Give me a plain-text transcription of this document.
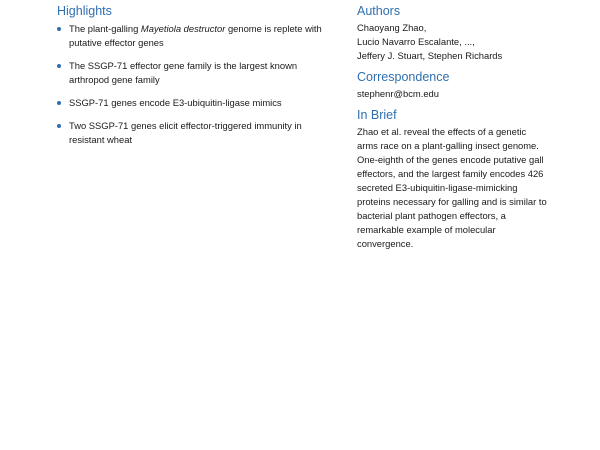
Highlights
The plant-galling Mayetiola destructor genome is replete with putative effector genes
The SSGP-71 effector gene family is the largest known arthropod gene family
SSGP-71 genes encode E3-ubiquitin-ligase mimics
Two SSGP-71 genes elicit effector-triggered immunity in resistant wheat
Authors
Chaoyang Zhao,
Lucio Navarro Escalante, ...,
Jeffery J. Stuart, Stephen Richards
Correspondence
stephenr@bcm.edu
In Brief

Zhao et al. reveal the effects of a genetic arms race on a plant-galling insect genome. One-eighth of the genes encode putative gall effectors, and the largest family encodes 426 secreted E3-ubiquitin-ligase-mimicking proteins necessary for galling and is similar to bacterial plant pathogen effectors, a remarkable example of molecular convergence.
